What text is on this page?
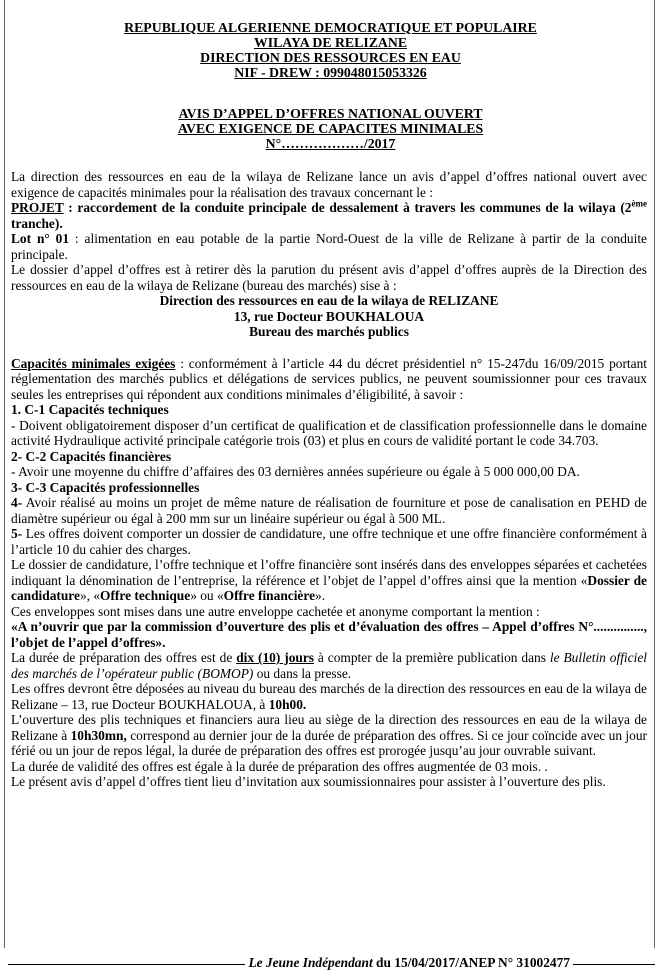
REPUBLIQUE ALGERIENNE DEMOCRATIQUE ET POPULAIRE
WILAYA DE RELIZANE
DIRECTION DES RESSOURCES EN EAU
NIF - DREW : 099048015053326
AVIS D’APPEL D’OFFRES NATIONAL OUVERT
AVEC EXIGENCE DE CAPACITES MINIMALES
N°………………/2017

La direction des ressources en eau de la wilaya de Relizane lance un avis d’appel d’offres national ouvert avec exigence de capacités minimales pour la réalisation des travaux concernant le :

PROJET : raccordement de la conduite principale de dessalement à travers les communes de la wilaya (2ème tranche).

Lot n° 01 : alimentation en eau potable de la partie Nord-Ouest de la ville de Relizane à partir de la conduite principale.

Le dossier d’appel d’offres est à retirer dès la parution du présent avis d’appel d’offres auprès de la Direction des ressources en eau de la wilaya de Relizane (bureau des marchés) sise à :

Direction des ressources en eau de la wilaya de RELIZANE

13, rue Docteur BOUKHALOUA

Bureau des marchés publics

Capacités minimales exigées : conformément à l’article 44 du décret présidentiel n° 15-247du 16/09/2015 portant réglementation des marchés publics et délégations de services publics, ne peuvent soumissionner pour ces travaux seules les entreprises qui répondent aux conditions minimales d’éligibilité, à savoir :

1. C-1 Capacités techniques

- Doivent obligatoirement disposer d’un certificat de qualification et de classification professionnelle dans le domaine activité Hydraulique activité principale catégorie trois (03) et plus en cours de validité portant le code 34.703.

2- C-2 Capacités financières

- Avoir une moyenne du chiffre d’affaires des 03 dernières années supérieure ou égale à 5 000 000,00 DA.

3- C-3 Capacités professionnelles

4- Avoir réalisé au moins un projet de même nature de réalisation de fourniture et pose de canalisation en PEHD de diamètre supérieur ou égal à 200 mm sur un linéaire supérieur ou égal à 500 ML.

5- Les offres doivent comporter un dossier de candidature, une offre technique et une offre financière conformément à l’article 10 du cahier des charges.

Le dossier de candidature, l’offre technique et l’offre financière sont insérés dans des enveloppes séparées et cachetées indiquant la dénomination de l’entreprise, la référence et l’objet de l’appel d’offres ainsi que la mention «Dossier de candidature», «Offre technique» ou «Offre financière».

Ces enveloppes sont mises dans une autre enveloppe cachetée et anonyme comportant la mention :

«A n’ouvrir que par la commission d’ouverture des plis et d’évaluation des offres – Appel d’offres N°..............., l’objet de l’appel d’offres».

La durée de préparation des offres est de dix (10) jours à compter de la première publication dans le Bulletin officiel des marchés de l’opérateur public (BOMOP) ou dans la presse.

Les offres devront être déposées au niveau du bureau des marchés de la direction des ressources en eau de la wilaya de Relizane – 13, rue Docteur BOUKHALOUA, à 10h00.

L’ouverture des plis techniques et financiers aura lieu au siège de la direction des ressources en eau de la wilaya de Relizane à 10h30mn, correspond au dernier jour de la durée de préparation des offres. Si ce jour coïncide avec un jour férié ou un jour de repos légal, la durée de préparation des offres est prorogée jusqu’au jour ouvrable suivant.

La durée de validité des offres est égale à la durée de préparation des offres augmentée de 03 mois. .

Le présent avis d’appel d’offres tient lieu d’invitation aux soumissionnaires pour assister à l’ouverture des plis.

Le Jeune Indépendant du 15/04/2017/ANEP N° 31002477
